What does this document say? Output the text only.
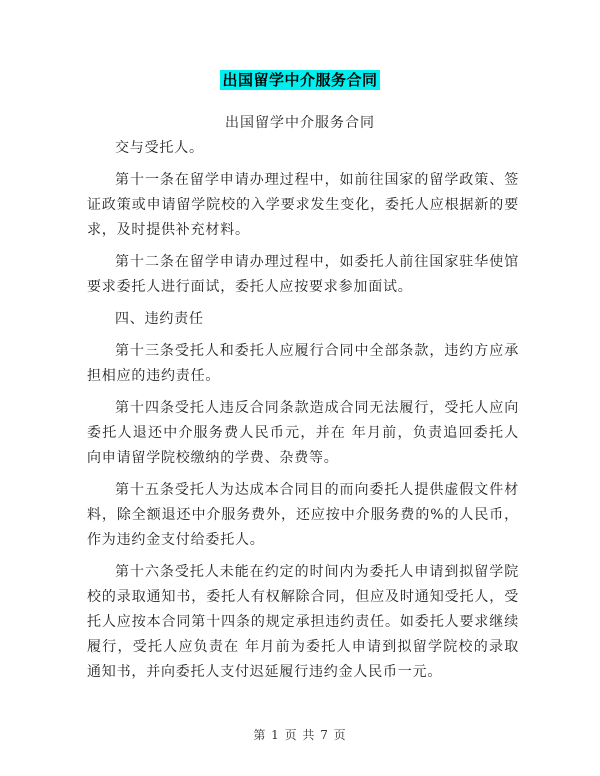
出国留学中介服务合同
出国留学中介服务合同

交与受托人。

第十一条在留学申请办理过程中，如前往国家的留学政策、签证政策或申请留学院校的入学要求发生变化，委托人应根据新的要求，及时提供补充材料。

第十二条在留学申请办理过程中，如委托人前往国家驻华使馆要求委托人进行面试，委托人应按要求参加面试。

四、违约责任

第十三条受托人和委托人应履行合同中全部条款，违约方应承担相应的违约责任。

第十四条受托人违反合同条款造成合同无法履行，受托人应向委托人退还中介服务费人民币元，并在 年月前，负责追回委托人向申请留学院校缴纳的学费、杂费等。

第十五条受托人为达成本合同目的而向委托人提供虚假文件材料，除全额退还中介服务费外，还应按中介服务费的%的人民币，作为违约金支付给委托人。

第十六条受托人未能在约定的时间内为委托人申请到拟留学院校的录取通知书，委托人有权解除合同，但应及时通知受托人，受托人应按本合同第十四条的规定承担违约责任。如委托人要求继续履行，受托人应负责在 年月前为委托人申请到拟留学院校的录取通知书，并向委托人支付迟延履行违约金人民币一元。

第 1 页 共 7 页
